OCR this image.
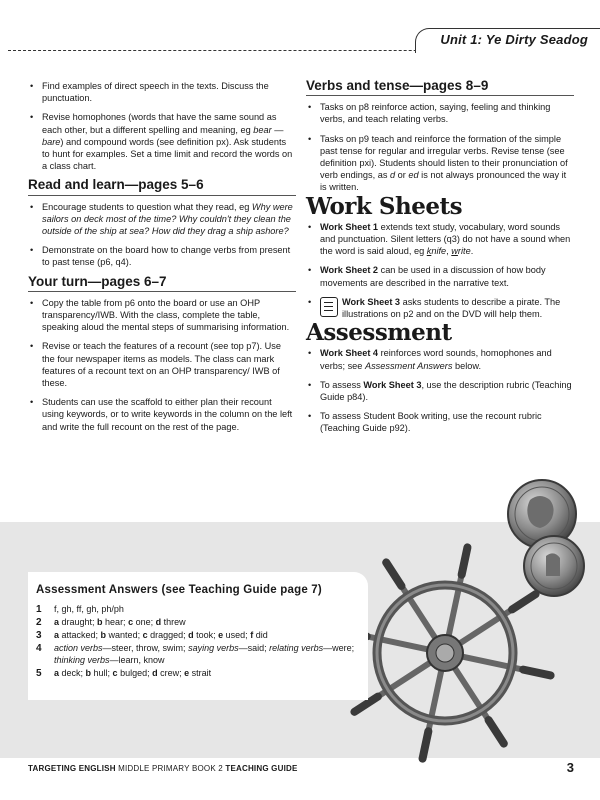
Unit 1: Ye Dirty Seadog
• Find examples of direct speech in the texts. Discuss the punctuation.
• Revise homophones (words that have the same sound as each other, but a different spelling and meaning, eg bear — bare) and compound words (see definition px). Ask students to hunt for examples. Set a time limit and record the words on a class chart.
Read and learn—pages 5–6
• Encourage students to question what they read, eg Why were sailors on deck most of the time? Why couldn't they clean the outside of the ship at sea? How did they drag a ship ashore?
• Demonstrate on the board how to change verbs from present to past tense (p6, q4).
Your turn—pages 6–7
• Copy the table from p6 onto the board or use an OHP transparency/IWB. With the class, complete the table, speaking aloud the mental steps of summarising information.
• Revise or teach the features of a recount (see top p7). Use the four newspaper items as models. The class can mark features of a recount text on an OHP transparency/ IWB of these.
• Students can use the scaffold to either plan their recount using keywords, or to write keywords in the column on the left and write the full recount on the rest of the page.
Verbs and tense—pages 8–9
• Tasks on p8 reinforce action, saying, feeling and thinking verbs, and teach relating verbs.
• Tasks on p9 teach and reinforce the formation of the simple past tense for regular and irregular verbs. Revise tense (see definition pxi). Students should listen to their pronunciation of verb endings, as d or ed is not always pronounced the way it is written.
Work Sheets
• Work Sheet 1 extends text study, vocabulary, word sounds and punctuation. Silent letters (q3) do not have a sound when the word is said aloud, eg knife, write.
• Work Sheet 2 can be used in a discussion of how body movements are described in the narrative text.
• Work Sheet 3 asks students to describe a pirate. The illustrations on p2 and on the DVD will help them.
Assessment
• Work Sheet 4 reinforces word sounds, homophones and verbs; see Assessment Answers below.
• To assess Work Sheet 3, use the description rubric (Teaching Guide p84).
• To assess Student Book writing, use the recount rubric (Teaching Guide p92).
Assessment Answers (see Teaching Guide page 7)
1	f, gh, ff, gh, ph/ph
2	a draught; b hear; c one; d threw
3	a attacked; b wanted; c dragged; d took; e used; f did
4	action verbs—steer, throw, swim; saying verbs—said; relating verbs—were; thinking verbs—learn, know
5	a deck; b hull; c bulged; d crew; e strait
TARGETING ENGLISH MIDDLE PRIMARY BOOK 2 TEACHING GUIDE	3
